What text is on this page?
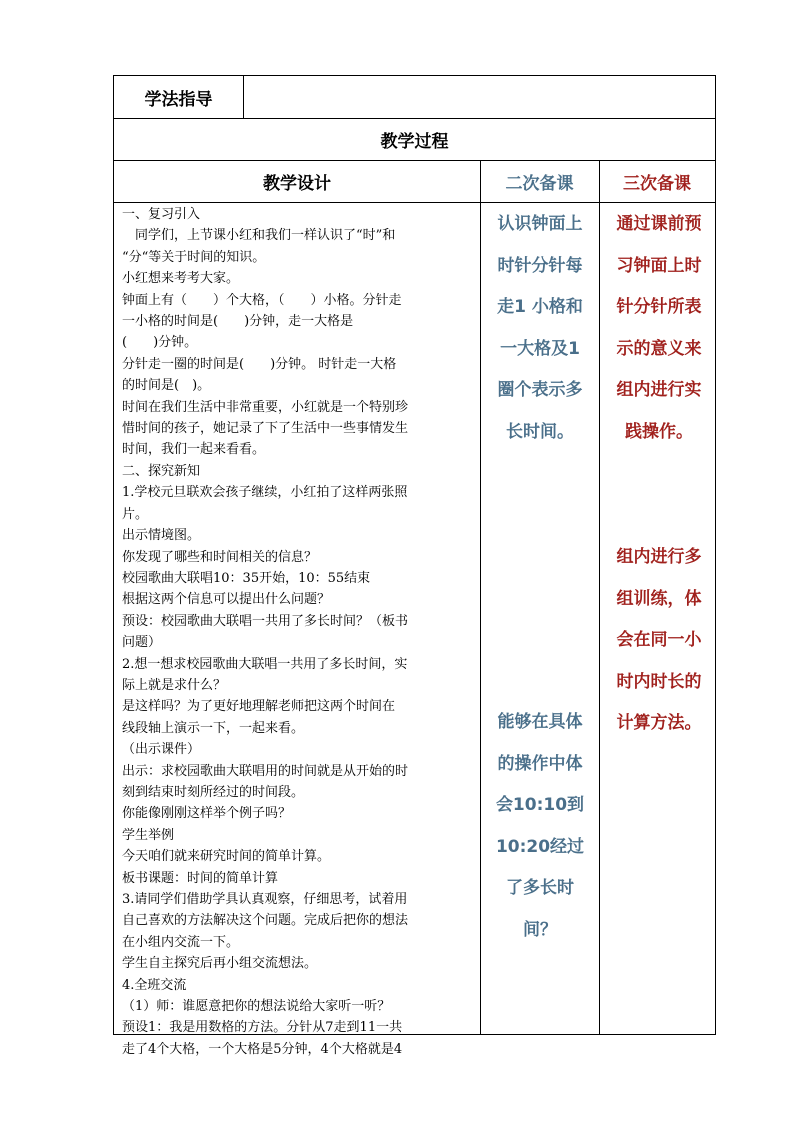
学法指导
教学过程
教学设计	二次备课	三次备课
一、复习引入
　同学们，上节课小红和我们一样认识了“时”和
“分“等关于时间的知识。
小红想来考考大家。
钟面上有（　　）个大格，（　　）小格。分针走
一小格的时间是(　　)分钟，走一大格是
(　　)分钟。
分针走一圈的时间是(　　)分钟。 时针走一大格
的时间是(　)。
时间在我们生活中非常重要，小红就是一个特别珍
惜时间的孩子，她记录了下了生活中一些事情发生
时间，我们一起来看看。
二、探究新知
1.学校元旦联欢会孩子继续，小红拍了这样两张照
片。
出示情境图。
你发现了哪些和时间相关的信息？
校园歌曲大联唱10：35开始，10：55结束
根据这两个信息可以提出什么问题？
预设：校园歌曲大联唱一共用了多长时间？（板书
问题）
2.想一想求校园歌曲大联唱一共用了多长时间，实
际上就是求什么？
是这样吗？为了更好地理解老师把这两个时间在
线段轴上演示一下，一起来看。
（出示课件）
出示：求校园歌曲大联唱用的时间就是从开始的时
刻到结束时刻所经过的时间段。
你能像刚刚这样举个例子吗？
学生举例
今天咱们就来研究时间的简单计算。
板书课题：时间的简单计算
3.请同学们借助学具认真观察，仔细思考，试着用
自己喜欢的方法解决这个问题。完成后把你的想法
在小组内交流一下。
学生自主探究后再小组交流想法。
4.全班交流
（1）师：谁愿意把你的想法说给大家听一听？
预设1：我是用数格的方法。分针从7走到11一共
走了4个大格，一个大格是5分钟，4个大格就是4
认识钟面上
时针分针每
走1 小格和
一大格及1
圈个表示多
长时间。
能够在具体
的操作中体
会10:10到
10:20经过
了多长时
间？
通过课前预
习钟面上时
针分针所表
示的意义来
组内进行实
践操作。
组内进行多
组训练，体
会在同一小
时内时长的
计算方法。
